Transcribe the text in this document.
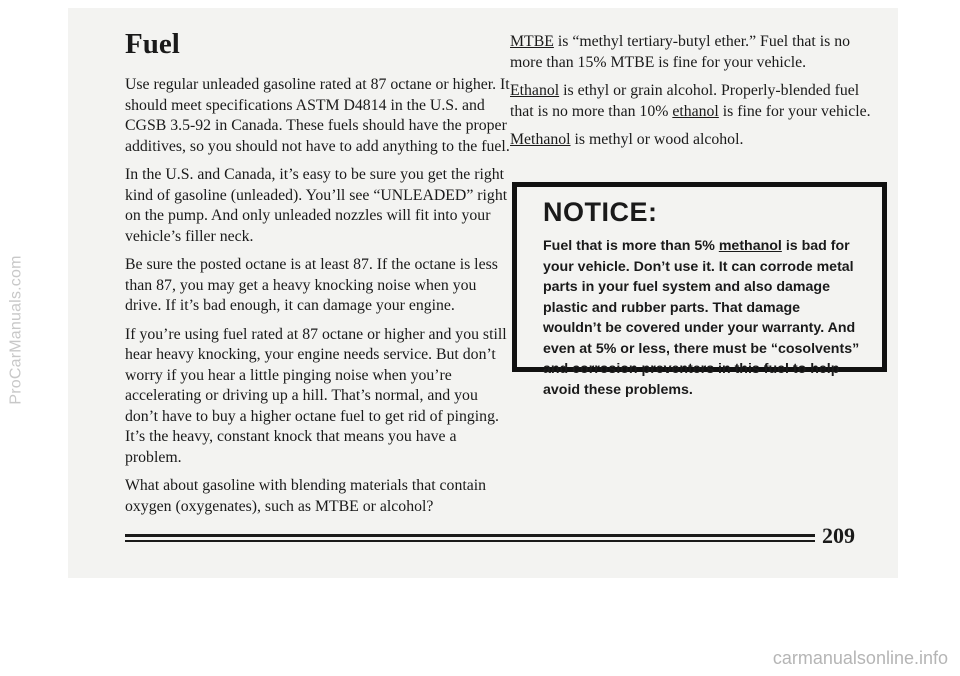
ProCarManuals.com
Fuel

Use regular unleaded gasoline rated at 87 octane or higher. It should meet specifications ASTM D4814 in the U.S. and CGSB 3.5-92 in Canada. These fuels should have the proper additives, so you should not have to add anything to the fuel.

In the U.S. and Canada, it’s easy to be sure you get the right kind of gasoline (unleaded). You’ll see “UNLEADED” right on the pump. And only unleaded nozzles will fit into your vehicle’s filler neck.

Be sure the posted octane is at least 87. If the octane is less than 87, you may get a heavy knocking noise when you drive. If it’s bad enough, it can damage your engine.

If you’re using fuel rated at 87 octane or higher and you still hear heavy knocking, your engine needs service. But don’t worry if you hear a little pinging noise when you’re accelerating or driving up a hill. That’s normal, and you don’t have to buy a higher octane fuel to get rid of pinging. It’s the heavy, constant knock that means you have a problem.

What about gasoline with blending materials that contain oxygen (oxygenates), such as MTBE or alcohol?

MTBE is “methyl tertiary-butyl ether.” Fuel that is no more than 15% MTBE is fine for your vehicle.

Ethanol is ethyl or grain alcohol. Properly-blended fuel that is no more than 10% ethanol is fine for your vehicle.

Methanol is methyl or wood alcohol.

NOTICE:
Fuel that is more than 5% methanol is bad for your vehicle. Don’t use it. It can corrode metal parts in your fuel system and also damage plastic and rubber parts. That damage wouldn’t be covered under your warranty. And even at 5% or less, there must be “cosolvents” and corrosion preventers in this fuel to help avoid these problems.
209
carmanualsonline.info
